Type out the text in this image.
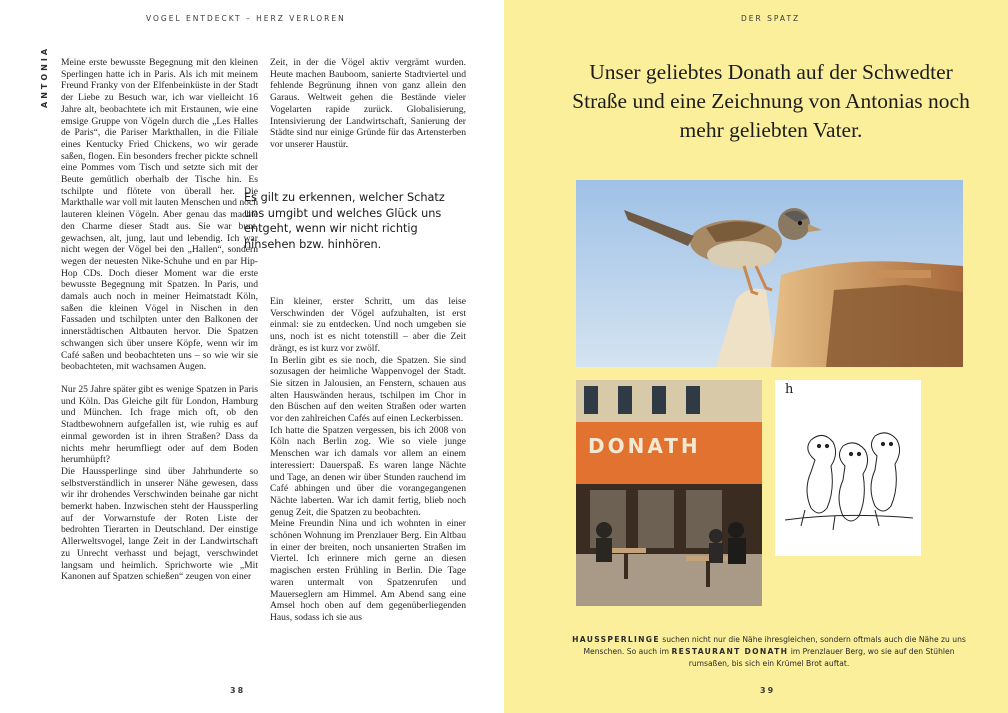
VOGEL ENTDECKT – HERZ VERLOREN
ANTONIA Meine erste bewusste Begegnung mit den kleinen Sperlingen hatte ich in Paris. Als ich mit meinem Freund Franky von der Elfenbeinküste in der Stadt der Liebe zu Besuch war, ich war vielleicht 16 Jahre alt, beobachtete ich mit Erstaunen, wie eine emsige Gruppe von Vögeln durch die „Les Halles de Paris“, die Pariser Markthallen, in die Filiale eines Kentucky Fried Chickens, wo wir gerade saßen, flogen. Ein besonders frecher pickte schnell eine Pommes vom Tisch und setzte sich mit der Beute gemütlich oberhalb der Tische hin. Es tschilpte und flötete von überall her. Die Markthalle war voll mit lauten Menschen und noch lauteren kleinen Vögeln. Aber genau das machte den Charme dieser Stadt aus. Sie war bunt, gewachsen, alt, jung, laut und lebendig. Ich war nicht wegen der Vögel bei den „Hallen“, sondern wegen der neuesten Nike-Schuhe und en par Hip-Hop CDs. Doch dieser Moment war die erste bewusste Begegnung mit Spatzen. In Paris, und damals auch noch in meiner Heimatstadt Köln, saßen die kleinen Vögel in Nischen in den Fassaden und tschilpten unter den Balkonen der innerstädtischen Altbauten hervor. Die Spatzen schwangen sich über unsere Köpfe, wenn wir im Café saßen und beobachteten uns – so wie wir sie beobachteten, mit wachsamen Augen.

Nur 25 Jahre später gibt es wenige Spatzen in Paris und Köln. Das Gleiche gilt für London, Hamburg und München. Ich frage mich oft, ob den Stadtbewohnern aufgefallen ist, wie ruhig es auf einmal geworden ist in ihren Straßen? Dass da nichts mehr herumfliegt oder auf dem Boden herumhüpft?

Die Haussperlinge sind über Jahrhunderte so selbstverständlich in unserer Nähe gewesen, dass wir ihr drohendes Verschwinden beinahe gar nicht bemerkt haben. Inzwischen steht der Haussperling auf der Vorwarnstufe der Roten Liste der bedrohten Tierarten in Deutschland. Der einstige Allerweltsvogel, lange Zeit in der Landwirtschaft zu Unrecht verhasst und bejagt, verschwindet langsam und heimlich. Sprichworte wie „Mit Kanonen auf Spatzen schießen“ zeugen von einer

Zeit, in der die Vögel aktiv vergrämt wurden. Heute machen Bauboom, sanierte Stadtviertel und fehlende Begrünung ihnen von ganz allein den Garaus. Weltweit gehen die Bestände vieler Vogelarten rapide zurück. Globalisierung, Intensivierung der Landwirtschaft, Sanierung der Städte sind nur einige Gründe für das Artensterben vor unserer Haustür.

Es gilt zu erkennen, welcher Schatz uns umgibt und welches Glück uns entgeht, wenn wir nicht richtig hinsehen bzw. hinhören.

Ein kleiner, erster Schritt, um das leise Verschwinden der Vögel aufzuhalten, ist erst einmal: sie zu entdecken. Und noch umgeben sie uns, noch ist es nicht totenstill – aber die Zeit drängt, es ist kurz vor zwölf.

In Berlin gibt es sie noch, die Spatzen. Sie sind sozusagen der heimliche Wappenvogel der Stadt. Sie sitzen in Jalousien, an Fenstern, schauen aus alten Hauswänden heraus, tschilpen im Chor in den Büschen auf den weiten Straßen oder warten vor den zahlreichen Cafés auf einen Leckerbissen.

Ich hatte die Spatzen vergessen, bis ich 2008 von Köln nach Berlin zog. Wie so viele junge Menschen war ich damals vor allem an einem interessiert: Dauerspaß. Es waren lange Nächte und Tage, an denen wir über Stunden rauchend im Café abhingen und über die vorangegangenen Nächte laberten. War ich damit fertig, blieb noch genug Zeit, die Spatzen zu beobachten.

Meine Freundin Nina und ich wohnten in einer schönen Wohnung im Prenzlauer Berg. Ein Altbau in einer der breiten, noch unsanierten Straßen im Viertel. Ich erinnere mich gerne an diesen magischen ersten Frühling in Berlin. Die Tage waren untermalt von Spatzenrufen und Mauerseglern am Himmel. Am Abend sang eine Amsel hoch oben auf dem gegenüberliegenden Haus, sodass ich sie aus

38
DER SPATZ
39
Unser geliebtes Donath auf der Schwedter Straße und eine Zeichnung von Antonias noch mehr geliebten Vater.
DONATH
h
HAUSSPERLINGE suchen nicht nur die Nähe ihresgleichen, sondern oftmals auch die Nähe zu uns Menschen. So auch im RESTAURANT DONATH im Prenzlauer Berg, wo sie auf den Stühlen rumsaßen, bis sich ein Krümel Brot auftat.
